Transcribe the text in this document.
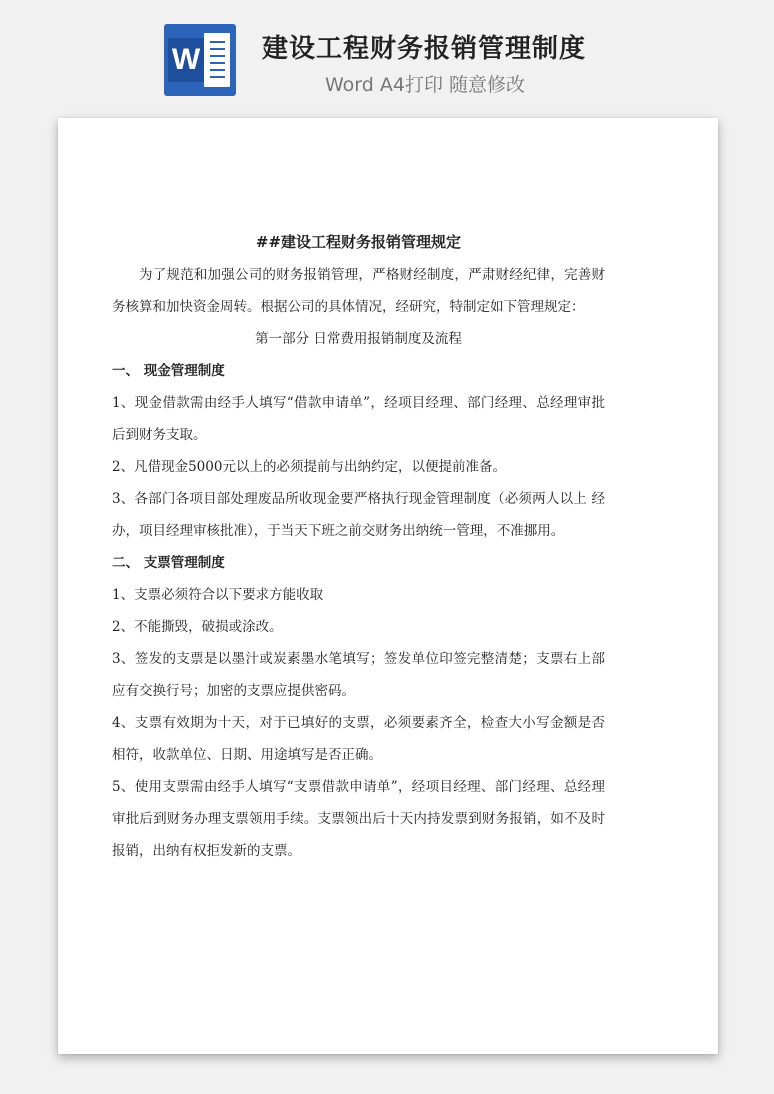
W 建设工程财务报销管理制度
Word A4打印 随意修改

##建设工程财务报销管理规定

为了规范和加强公司的财务报销管理，严格财经制度，严肃财经纪律，完善财务核算和加快资金周转。根据公司的具体情况，经研究，特制定如下管理规定：

第一部分 日常费用报销制度及流程

一、 现金管理制度

1、现金借款需由经手人填写“借款申请单”，经项目经理、部门经理、总经理审批后到财务支取。

2、凡借现金5000元以上的必须提前与出纳约定，以便提前准备。

3、各部门各项目部处理废品所收现金要严格执行现金管理制度（必须两人以上 经办，项目经理审核批准），于当天下班之前交财务出纳统一管理，不准挪用。

二、 支票管理制度

1、支票必须符合以下要求方能收取

2、不能撕毁，破损或涂改。

3、签发的支票是以墨汁或炭素墨水笔填写；签发单位印签完整清楚；支票右上部应有交换行号；加密的支票应提供密码。

4、支票有效期为十天，对于已填好的支票，必须要素齐全，检查大小写金额是否相符，收款单位、日期、用途填写是否正确。

5、使用支票需由经手人填写“支票借款申请单”，经项目经理、部门经理、总经理审批后到财务办理支票领用手续。支票领出后十天内持发票到财务报销，如不及时报销，出纳有权拒发新的支票。
